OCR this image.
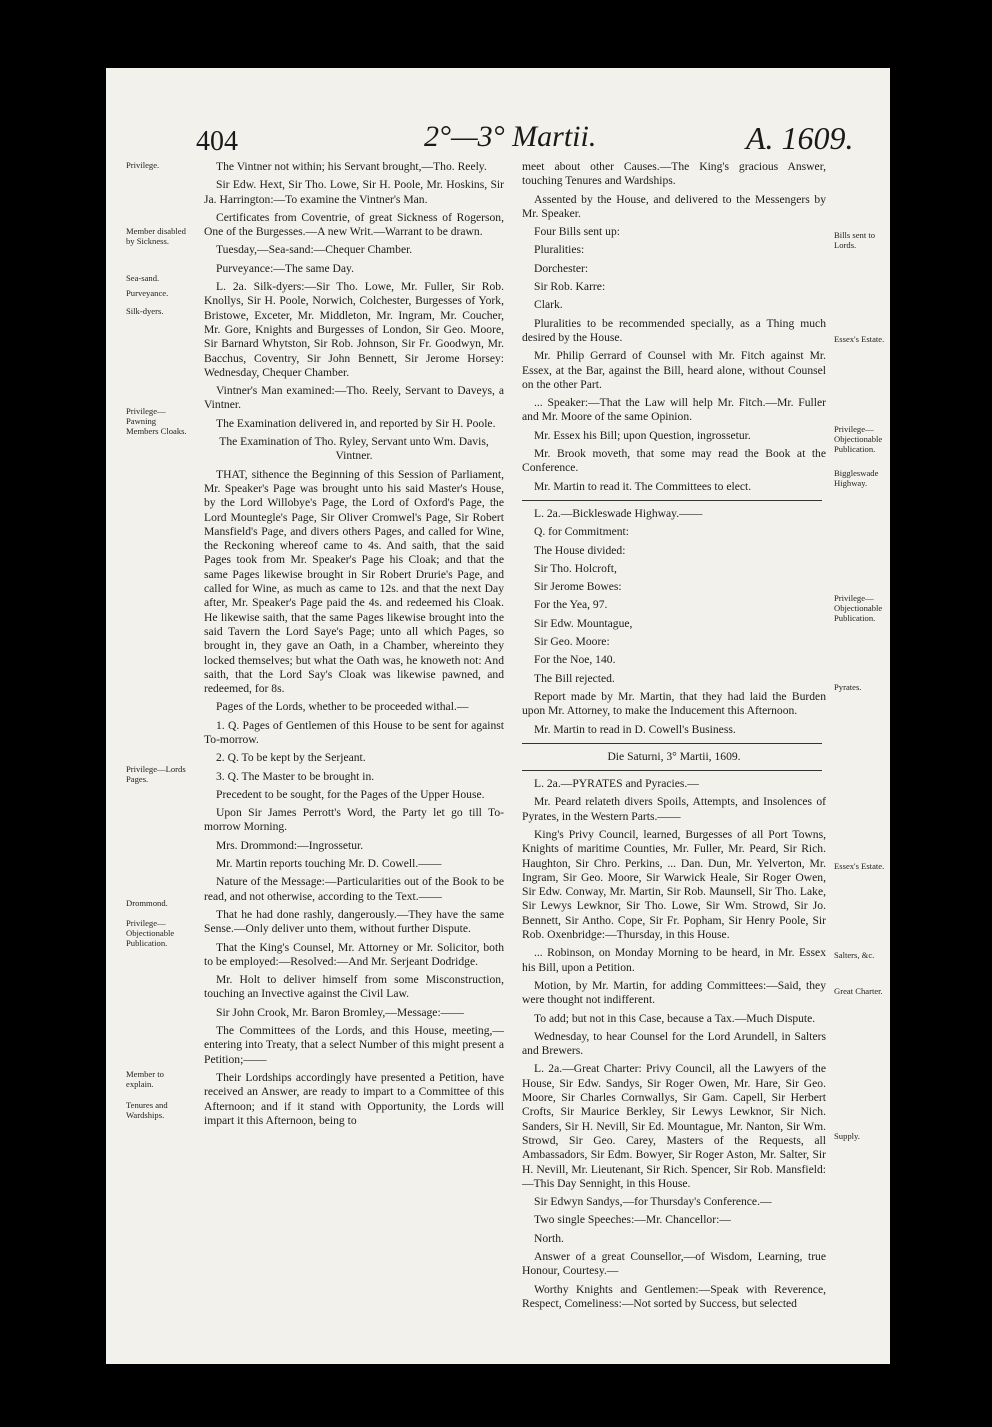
404	2°—3° Martii.	A. 1609.
Privilege.
Member disabled by Sickness.
Sea-sand.
Purveyance.
Silk-dyers.
Privilege—Pawning Members Cloaks.
Privilege—Lords Pages.
Drommond.
Privilege—Objectionable Publication.
Member to explain.
Tenures and Wardships.
Bills sent to Lords.
Essex's Estate.
Privilege—Objectionable Publication.
Biggleswade Highway.
Privilege—Objectionable Publication.
Pyrates.
Essex's Estate.
Salters, &c.
Great Charter.
Supply.

The Vintner not within; his Servant brought,—Tho. Reely.

Sir Edw. Hext, Sir Tho. Lowe, Sir H. Poole, Mr. Hoskins, Sir Ja. Harrington:—To examine the Vintner's Man.

Certificates from Coventrie, of great Sickness of Rogerson, One of the Burgesses.—A new Writ.—Warrant to be drawn.

Tuesday,—Sea-sand:—Chequer Chamber.

Purveyance:—The same Day.

L. 2a. Silk-dyers:—Sir Tho. Lowe, Mr. Fuller, Sir Rob. Knollys, Sir H. Poole, Norwich, Colchester, Burgesses of York, Bristowe, Exceter, Mr. Middleton, Mr. Ingram, Mr. Coucher, Mr. Gore, Knights and Burgesses of London, Sir Geo. Moore, Sir Barnard Whytston, Sir Rob. Johnson, Sir Fr. Goodwyn, Mr. Bacchus, Coventry, Sir John Bennett, Sir Jerome Horsey: Wednesday, Chequer Chamber.

Vintner's Man examined:—Tho. Reely, Servant to Daveys, a Vintner.

The Examination delivered in, and reported by Sir H. Poole.

The Examination of Tho. Ryley, Servant unto Wm. Davis, Vintner.

THAT, sithence the Beginning of this Session of Parliament, Mr. Speaker's Page was brought unto his said Master's House, by the Lord Willobye's Page, the Lord of Oxford's Page, the Lord Mountegle's Page, Sir Oliver Cromwel's Page, Sir Robert Mansfield's Page, and divers others Pages, and called for Wine, the Reckoning whereof came to 4s. And saith, that the said Pages took from Mr. Speaker's Page his Cloak; and that the same Pages likewise brought in Sir Robert Drurie's Page, and called for Wine, as much as came to 12s. and that the next Day after, Mr. Speaker's Page paid the 4s. and redeemed his Cloak. He likewise saith, that the same Pages likewise brought into the said Tavern the Lord Saye's Page; unto all which Pages, so brought in, they gave an Oath, in a Chamber, whereinto they locked themselves; but what the Oath was, he knoweth not: And saith, that the Lord Say's Cloak was likewise pawned, and redeemed, for 8s.

Pages of the Lords, whether to be proceeded withal.—

1. Q. Pages of Gentlemen of this House to be sent for against To-morrow.

2. Q. To be kept by the Serjeant.

3. Q. The Master to be brought in.

Precedent to be sought, for the Pages of the Upper House.

Upon Sir James Perrott's Word, the Party let go till To-morrow Morning.

Mrs. Drommond:—Ingrossetur.

Mr. Martin reports touching Mr. D. Cowell.——

Nature of the Message:—Particularities out of the Book to be read, and not otherwise, according to the Text.——

That he had done rashly, dangerously.—They have the same Sense.—Only deliver unto them, without further Dispute.

That the King's Counsel, Mr. Attorney or Mr. Solicitor, both to be employed:—Resolved:—And Mr. Serjeant Dodridge.

Mr. Holt to deliver himself from some Misconstruction, touching an Invective against the Civil Law.

Sir John Crook, Mr. Baron Bromley,—Message:——

The Committees of the Lords, and this House, meeting,—entering into Treaty, that a select Number of this might present a Petition;——

Their Lordships accordingly have presented a Petition, have received an Answer, are ready to impart to a Committee of this Afternoon; and if it stand with Opportunity, the Lords will impart it this Afternoon, being to

meet about other Causes.—The King's gracious Answer, touching Tenures and Wardships.

Assented by the House, and delivered to the Messengers by Mr. Speaker.

Four Bills sent up:

Pluralities:

Dorchester:

Sir Rob. Karre:

Clark.

Pluralities to be recommended specially, as a Thing much desired by the House.

Mr. Philip Gerrard of Counsel with Mr. Fitch against Mr. Essex, at the Bar, against the Bill, heard alone, without Counsel on the other Part.

... Speaker:—That the Law will help Mr. Fitch.—Mr. Fuller and Mr. Moore of the same Opinion.

Mr. Essex his Bill; upon Question, ingrossetur.

Mr. Brook moveth, that some may read the Book at the Conference.

Mr. Martin to read it. The Committees to elect.

L. 2a.—Bickleswade Highway.——

Q. for Commitment:

The House divided:

Sir Tho. Holcroft,

Sir Jerome Bowes:

For the Yea, 97.

Sir Edw. Mountague,

Sir Geo. Moore:

For the Noe, 140.

The Bill rejected.

Report made by Mr. Martin, that they had laid the Burden upon Mr. Attorney, to make the Inducement this Afternoon.

Mr. Martin to read in D. Cowell's Business.

Die Saturni, 3° Martii, 1609.

L. 2a.—PYRATES and Pyracies.—

Mr. Peard relateth divers Spoils, Attempts, and Insolences of Pyrates, in the Western Parts.——

King's Privy Council, learned, Burgesses of all Port Towns, Knights of maritime Counties, Mr. Fuller, Mr. Peard, Sir Rich. Haughton, Sir Chro. Perkins, ... Dan. Dun, Mr. Yelverton, Mr. Ingram, Sir Geo. Moore, Sir Warwick Heale, Sir Roger Owen, Sir Edw. Conway, Mr. Martin, Sir Rob. Maunsell, Sir Tho. Lake, Sir Lewys Lewknor, Sir Tho. Lowe, Sir Wm. Strowd, Sir Jo. Bennett, Sir Antho. Cope, Sir Fr. Popham, Sir Henry Poole, Sir Rob. Oxenbridge:—Thursday, in this House.

... Robinson, on Monday Morning to be heard, in Mr. Essex his Bill, upon a Petition.

Motion, by Mr. Martin, for adding Committees:—Said, they were thought not indifferent.

To add; but not in this Case, because a Tax.—Much Dispute.

Wednesday, to hear Counsel for the Lord Arundell, in Salters and Brewers.

L. 2a.—Great Charter: Privy Council, all the Lawyers of the House, Sir Edw. Sandys, Sir Roger Owen, Mr. Hare, Sir Geo. Moore, Sir Charles Cornwallys, Sir Gam. Capell, Sir Herbert Crofts, Sir Maurice Berkley, Sir Lewys Lewknor, Sir Nich. Sanders, Sir H. Nevill, Sir Ed. Mountague, Mr. Nanton, Sir Wm. Strowd, Sir Geo. Carey, Masters of the Requests, all Ambassadors, Sir Edm. Bowyer, Sir Roger Aston, Mr. Salter, Sir H. Nevill, Mr. Lieutenant, Sir Rich. Spencer, Sir Rob. Mansfield:—This Day Sennight, in this House.

Sir Edwyn Sandys,—for Thursday's Conference.—

Two single Speeches:—Mr. Chancellor:—

North.

Answer of a great Counsellor,—of Wisdom, Learning, true Honour, Courtesy.—

Worthy Knights and Gentlemen:—Speak with Reverence, Respect, Comeliness:—Not sorted by Success, but selected
